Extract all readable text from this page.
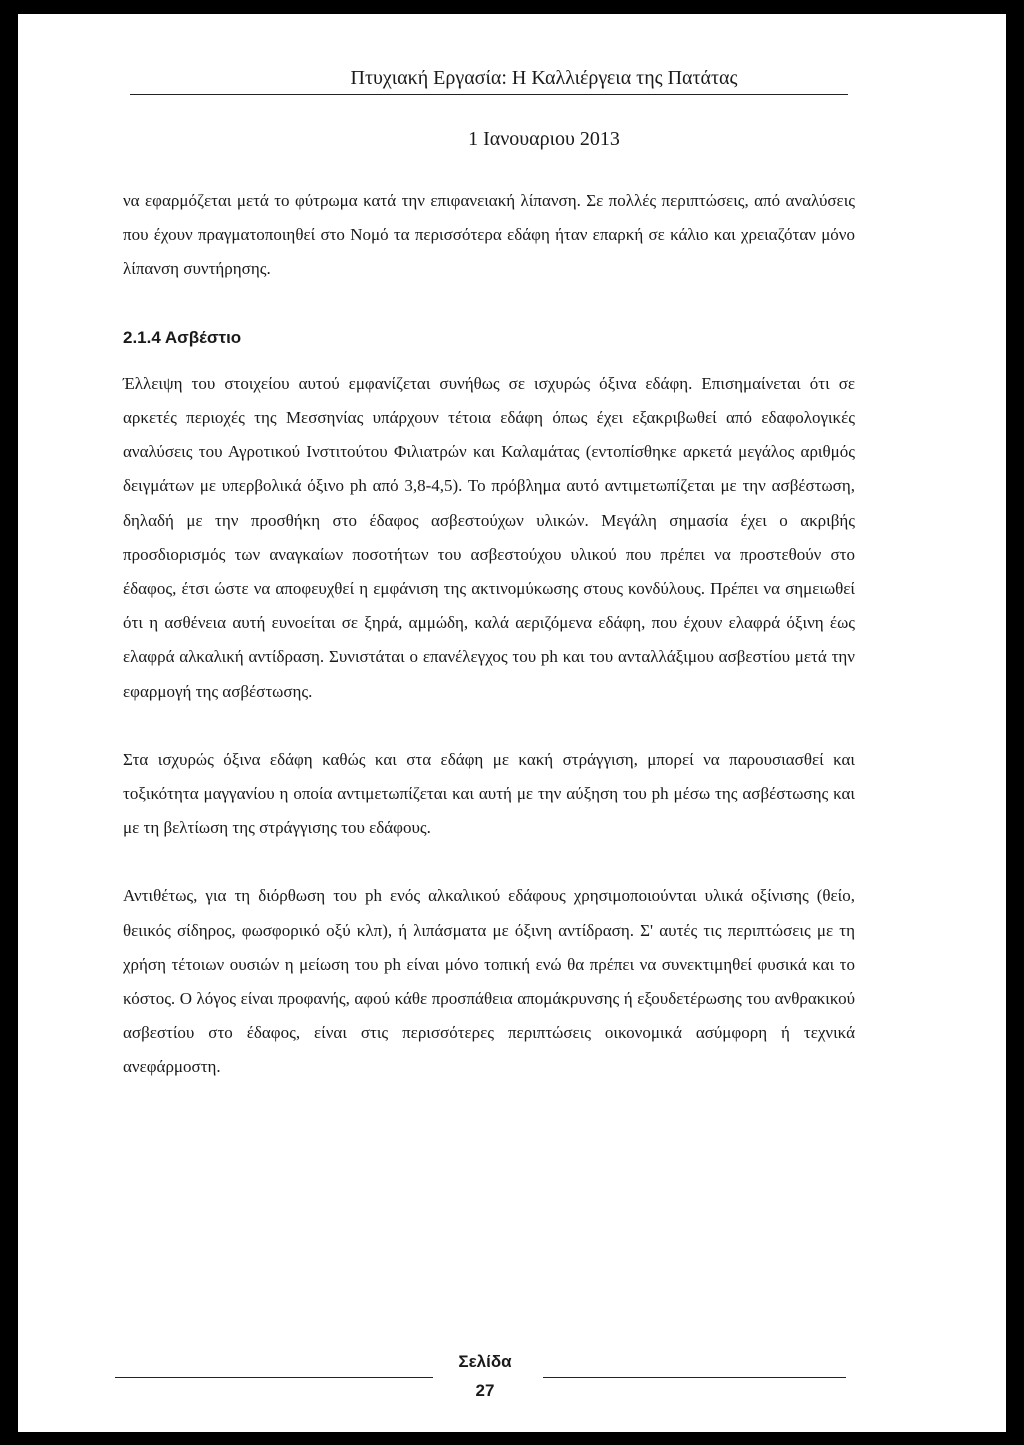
Πτυχιακή Εργασία: Η Καλλιέργεια της Πατάτας
1 Ιανουαριου 2013

να εφαρμόζεται μετά το φύτρωμα κατά την επιφανειακή λίπανση. Σε πολλές περιπτώσεις, από αναλύσεις που έχουν πραγματοποιηθεί στο Νομό τα περισσότερα εδάφη ήταν επαρκή σε κάλιο και χρειαζόταν μόνο λίπανση συντήρησης.

2.1.4 Ασβέστιο

Έλλειψη του στοιχείου αυτού εμφανίζεται συνήθως σε ισχυρώς όξινα εδάφη. Επισημαίνεται ότι σε αρκετές περιοχές της Μεσσηνίας υπάρχουν τέτοια εδάφη όπως έχει εξακριβωθεί από εδαφολογικές αναλύσεις του Αγροτικού Ινστιτούτου Φιλιατρών και Καλαμάτας (εντοπίσθηκε αρκετά μεγάλος αριθμός δειγμάτων με υπερβολικά όξινο ph από 3,8-4,5). Το πρόβλημα αυτό αντιμετωπίζεται με την ασβέστωση, δηλαδή με την προσθήκη στο έδαφος ασβεστούχων υλικών. Μεγάλη σημασία έχει ο ακριβής προσδιορισμός των αναγκαίων ποσοτήτων του ασβεστούχου υλικού που πρέπει να προστεθούν στο έδαφος, έτσι ώστε να αποφευχθεί η εμφάνιση της ακτινομύκωσης στους κονδύλους. Πρέπει να σημειωθεί ότι η ασθένεια αυτή ευνοείται σε ξηρά, αμμώδη, καλά αεριζόμενα εδάφη, που έχουν ελαφρά όξινη έως ελαφρά αλκαλική αντίδραση. Συνιστάται ο επανέλεγχος του ph και του ανταλλάξιμου ασβεστίου μετά την εφαρμογή της ασβέστωσης.

Στα ισχυρώς όξινα εδάφη καθώς και στα εδάφη με κακή στράγγιση, μπορεί να παρουσιασθεί και τοξικότητα μαγγανίου η οποία αντιμετωπίζεται και αυτή με την αύξηση του ph μέσω της ασβέστωσης και με τη βελτίωση της στράγγισης του εδάφους.

Αντιθέτως, για τη διόρθωση του ph ενός αλκαλικού εδάφους χρησιμοποιούνται υλικά οξίνισης (θείο, θειικός σίδηρος, φωσφορικό οξύ κλπ), ή λιπάσματα με όξινη αντίδραση. Σ' αυτές τις περιπτώσεις με τη χρήση τέτοιων ουσιών η μείωση του ph είναι μόνο τοπική ενώ θα πρέπει να συνεκτιμηθεί φυσικά και το κόστος. Ο λόγος είναι προφανής, αφού κάθε προσπάθεια απομάκρυνσης ή εξουδετέρωσης του ανθρακικού ασβεστίου στο έδαφος, είναι στις περισσότερες περιπτώσεις οικονομικά ασύμφορη ή τεχνικά ανεφάρμοστη.

Σελίδα
27
